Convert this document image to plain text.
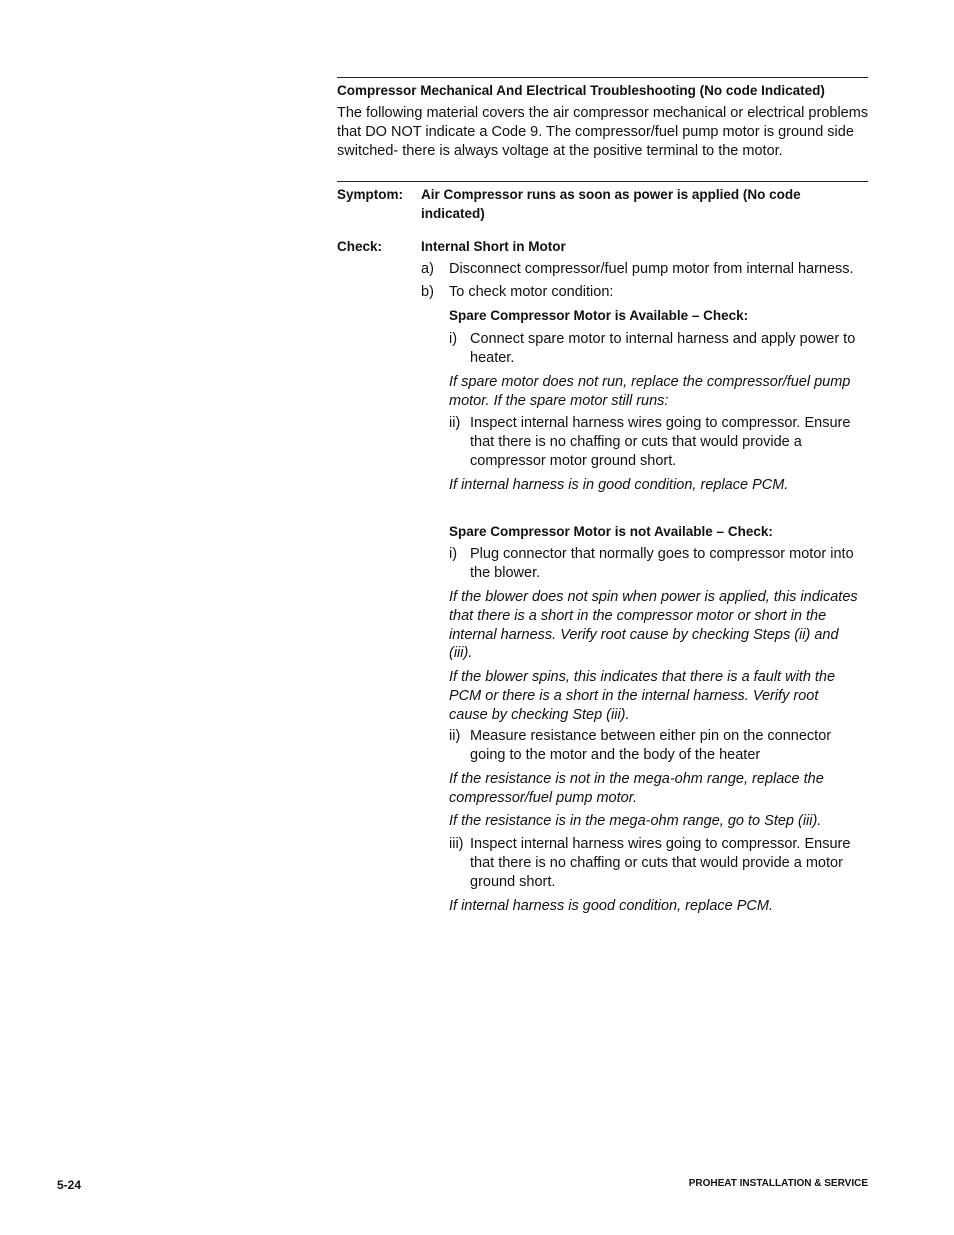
Compressor Mechanical And Electrical Troubleshooting (No code Indicated)
The following material covers the air compressor mechanical or electrical problems that DO NOT indicate a Code 9. The compressor/fuel pump motor is ground side switched- there is always voltage at the positive terminal to the motor.
Symptom: Air Compressor runs as soon as power is applied (No code indicated)
Check:	Internal Short in Motor
a) Disconnect compressor/fuel pump motor from internal harness.
b) To check motor condition:
Spare Compressor Motor is Available – Check:
i) Connect spare motor to internal harness and apply power to heater.
If spare motor does not run, replace the compressor/fuel pump motor. If the spare motor still runs:
ii) Inspect internal harness wires going to compressor. Ensure that there is no chaffing or cuts that would provide a compressor motor ground short.
If internal harness is in good condition, replace PCM.
Spare Compressor Motor is not Available – Check:
i) Plug connector that normally goes to compressor motor into the blower.
If the blower does not spin when power is applied, this indicates that there is a short in the compressor motor or short in the internal harness. Verify root cause by checking Steps (ii) and (iii).
If the blower spins, this indicates that there is a fault with the PCM or there is a short in the internal harness. Verify root cause by checking Step (iii).
ii) Measure resistance between either pin on the connector going to the motor and the body of the heater
If the resistance is not in the mega-ohm range, replace the compressor/fuel pump motor.
If the resistance is in the mega-ohm range, go to Step (iii).
iii) Inspect internal harness wires going to compressor. Ensure that there is no chaffing or cuts that would provide a motor ground short.
If internal harness is good condition, replace PCM.
5-24	PROHEAT INSTALLATION & SERVICE
